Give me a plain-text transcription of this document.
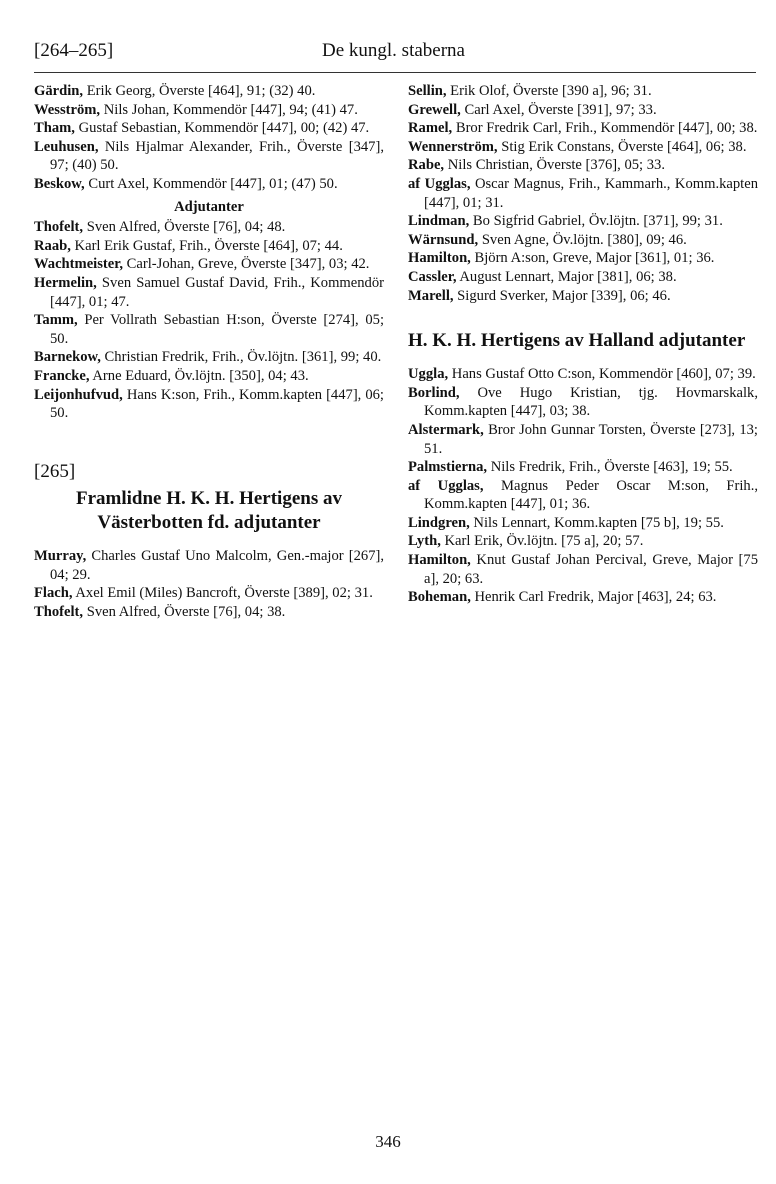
[264–265]	De kungl. staberna

Gärdin, Erik Georg, Överste [464], 91; (32) 40.

Wesström, Nils Johan, Kommendör [447], 94; (41) 47.

Tham, Gustaf Sebastian, Kommendör [447], 00; (42) 47.

Leuhusen, Nils Hjalmar Alexander, Frih., Överste [347], 97; (40) 50.

Beskow, Curt Axel, Kommendör [447], 01; (47) 50.

Adjutanter

Thofelt, Sven Alfred, Överste [76], 04; 48.

Raab, Karl Erik Gustaf, Frih., Överste [464], 07; 44.

Wachtmeister, Carl-Johan, Greve, Överste [347], 03; 42.

Hermelin, Sven Samuel Gustaf David, Frih., Kommendör [447], 01; 47.

Tamm, Per Vollrath Sebastian H:son, Överste [274], 05; 50.

Barnekow, Christian Fredrik, Frih., Öv.löjtn. [361], 99; 40.

Francke, Arne Eduard, Öv.löjtn. [350], 04; 43.

Leijonhufvud, Hans K:son, Frih., Komm.kapten [447], 06; 50.

[265]
Framlidne H. K. H. Hertigens av Västerbotten fd. adjutanter

Murray, Charles Gustaf Uno Malcolm, Gen.-major [267], 04; 29.

Flach, Axel Emil (Miles) Bancroft, Överste [389], 02; 31.

Thofelt, Sven Alfred, Överste [76], 04; 38.

Sellin, Erik Olof, Överste [390 a], 96; 31.

Grewell, Carl Axel, Överste [391], 97; 33.

Ramel, Bror Fredrik Carl, Frih., Kommendör [447], 00; 38.

Wennerström, Stig Erik Constans, Överste [464], 06; 38.

Rabe, Nils Christian, Överste [376], 05; 33.

af Ugglas, Oscar Magnus, Frih., Kammarh., Komm.kapten [447], 01; 31.

Lindman, Bo Sigfrid Gabriel, Öv.löjtn. [371], 99; 31.

Wärnsund, Sven Agne, Öv.löjtn. [380], 09; 46.

Hamilton, Björn A:son, Greve, Major [361], 01; 36.

Cassler, August Lennart, Major [381], 06; 38.

Marell, Sigurd Sverker, Major [339], 06; 46.

H. K. H. Hertigens av Halland adjutanter

Uggla, Hans Gustaf Otto C:son, Kommendör [460], 07; 39.

Borlind, Ove Hugo Kristian, tjg. Hovmarskalk, Komm.kapten [447], 03; 38.

Alstermark, Bror John Gunnar Torsten, Överste [273], 13; 51.

Palmstierna, Nils Fredrik, Frih., Överste [463], 19; 55.

af Ugglas, Magnus Peder Oscar M:son, Frih., Komm.kapten [447], 01; 36.

Lindgren, Nils Lennart, Komm.kapten [75 b], 19; 55.

Lyth, Karl Erik, Öv.löjtn. [75 a], 20; 57.

Hamilton, Knut Gustaf Johan Percival, Greve, Major [75 a], 20; 63.

Boheman, Henrik Carl Fredrik, Major [463], 24; 63.

346
